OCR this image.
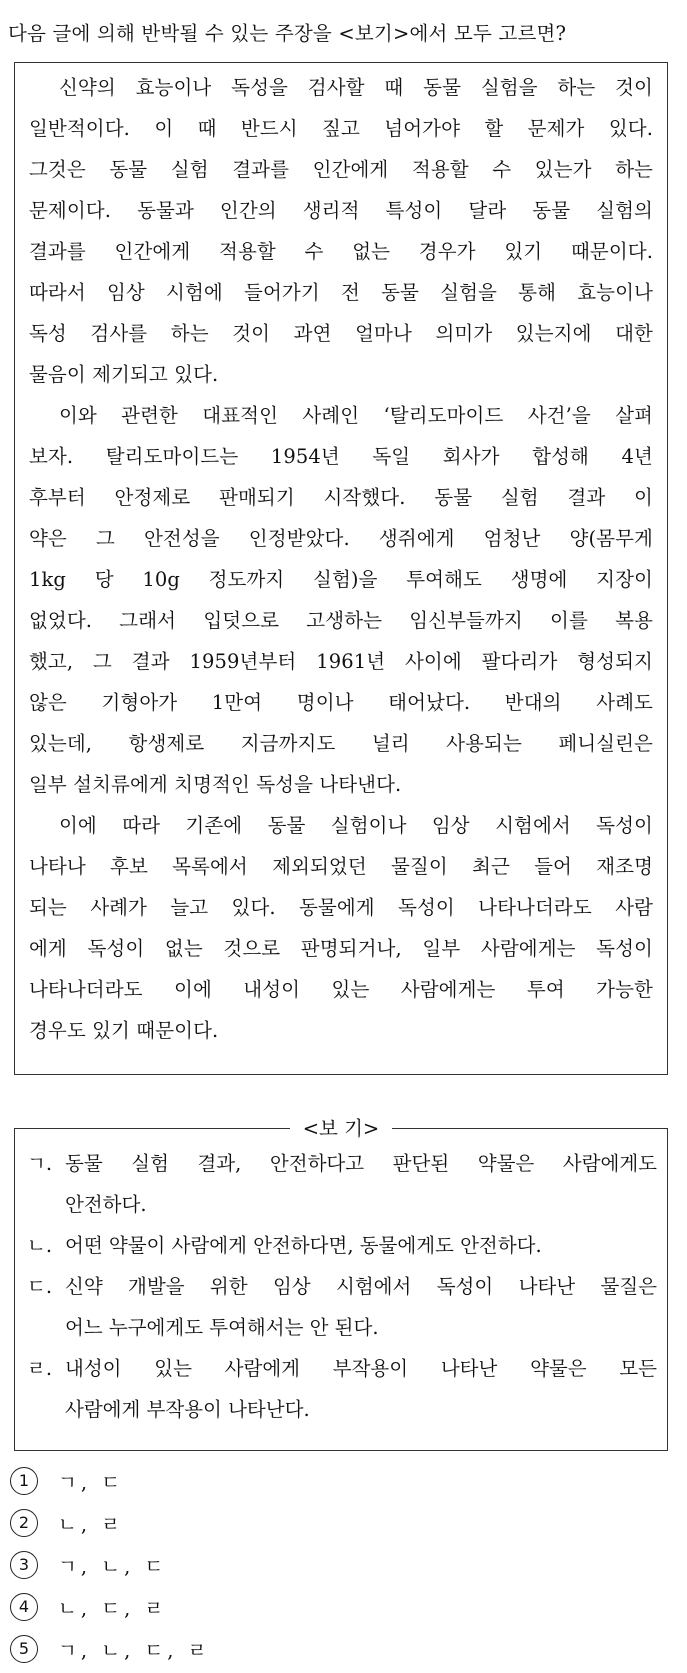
다음 글에 의해 반박될 수 있는 주장을 <보기>에서 모두 고르면?
신약의 효능이나 독성을 검사할 때 동물 실험을 하는 것이
일반적이다. 이 때 반드시 짚고 넘어가야 할 문제가 있다.
그것은 동물 실험 결과를 인간에게 적용할 수 있는가 하는
문제이다. 동물과 인간의 생리적 특성이 달라 동물 실험의
결과를 인간에게 적용할 수 없는 경우가 있기 때문이다.
따라서 임상 시험에 들어가기 전 동물 실험을 통해 효능이나
독성 검사를 하는 것이 과연 얼마나 의미가 있는지에 대한
물음이 제기되고 있다.
이와 관련한 대표적인 사례인 ‘탈리도마이드 사건’을 살펴
보자. 탈리도마이드는 1954년 독일 회사가 합성해 4년
후부터 안정제로 판매되기 시작했다. 동물 실험 결과 이
약은 그 안전성을 인정받았다. 생쥐에게 엄청난 양(몸무게
1kg 당 10g 정도까지 실험)을 투여해도 생명에 지장이
없었다. 그래서 입덧으로 고생하는 임신부들까지 이를 복용
했고, 그 결과 1959년부터 1961년 사이에 팔다리가 형성되지
않은 기형아가 1만여 명이나 태어났다. 반대의 사례도
있는데, 항생제로 지금까지도 널리 사용되는 페니실린은
일부 설치류에게 치명적인 독성을 나타낸다.
이에 따라 기존에 동물 실험이나 임상 시험에서 독성이
나타나 후보 목록에서 제외되었던 물질이 최근 들어 재조명
되는 사례가 늘고 있다. 동물에게 독성이 나타나더라도 사람
에게 독성이 없는 것으로 판명되거나, 일부 사람에게는 독성이
나타나더라도 이에 내성이 있는 사람에게는 투여 가능한
경우도 있기 때문이다.
<보 기>
ㄱ. 동물 실험 결과, 안전하다고 판단된 약물은 사람에게도
안전하다.
ㄴ. 어떤 약물이 사람에게 안전하다면, 동물에게도 안전하다.
ㄷ. 신약 개발을 위한 임상 시험에서 독성이 나타난 물질은
어느 누구에게도 투여해서는 안 된다.
ㄹ. 내성이 있는 사람에게 부작용이 나타난 약물은 모든
사람에게 부작용이 나타난다.
1	ㄱ, ㄷ
2	ㄴ, ㄹ
3	ㄱ, ㄴ, ㄷ
4	ㄴ, ㄷ, ㄹ
5	ㄱ, ㄴ, ㄷ, ㄹ
